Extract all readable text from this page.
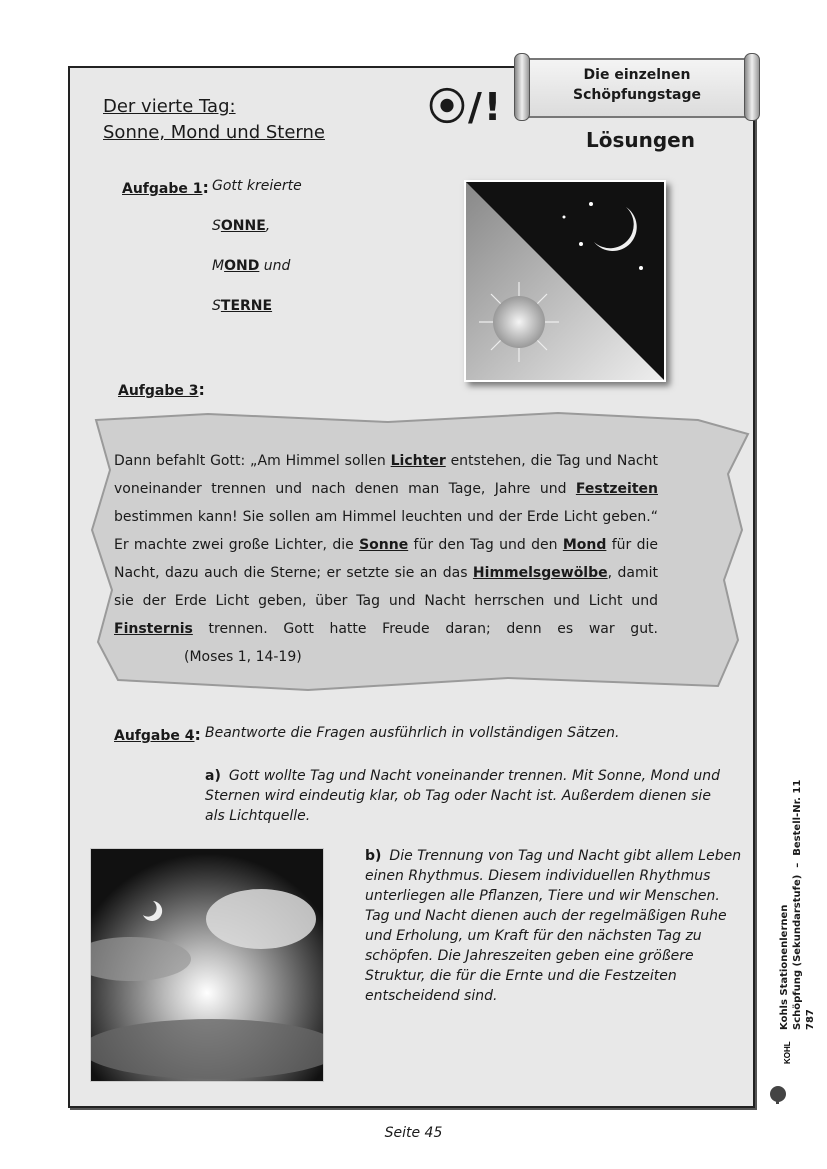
Die einzelnen
Schöpfungstage
⦿/!
Lösungen
Der vierte Tag:
Sonne, Mond und Sterne
Aufgabe 1: Gott kreierte
SONNE,
MOND und
STERNE
Aufgabe 3:
Dann befahlt Gott: „Am Himmel sollen Lichter entstehen, die Tag und Nacht voneinander trennen und nach denen man Tage, Jahre und Festzeiten bestimmen kann! Sie sollen am Himmel leuchten und der Erde Licht geben.“ Er machte zwei große Lichter, die Sonne für den Tag und den Mond für die Nacht, dazu auch die Sterne; er setzte sie an das Himmelsgewölbe, damit sie der Erde Licht geben, über Tag und Nacht herrschen und Licht und Finsternis trennen. Gott hatte Freude daran; denn es war gut.(Moses 1, 14-19)
Aufgabe 4: Beantworte die Fragen ausführlich in vollständigen Sätzen.
a) Gott wollte Tag und Nacht voneinander trennen. Mit Sonne, Mond und Sternen wird eindeutig klar, ob Tag oder Nacht ist. Außerdem dienen sie als Lichtquelle.
b) Die Trennung von Tag und Nacht gibt allem Leben einen Rhythmus. Diesem individuellen Rhythmus unterliegen alle Pflanzen, Tiere und wir Menschen. Tag und Nacht dienen auch der regelmäßigen Ruhe und Erholung, um Kraft für den nächsten Tag zu schöpfen. Die Jahreszeiten geben eine größere Struktur, die für die Ernte und die Festzeiten entscheidend sind.	Kohls Stationenlernen Schöpfung (Sekundarstufe)  –  Bestell-Nr. 11 787
KOHL
Seite 45
